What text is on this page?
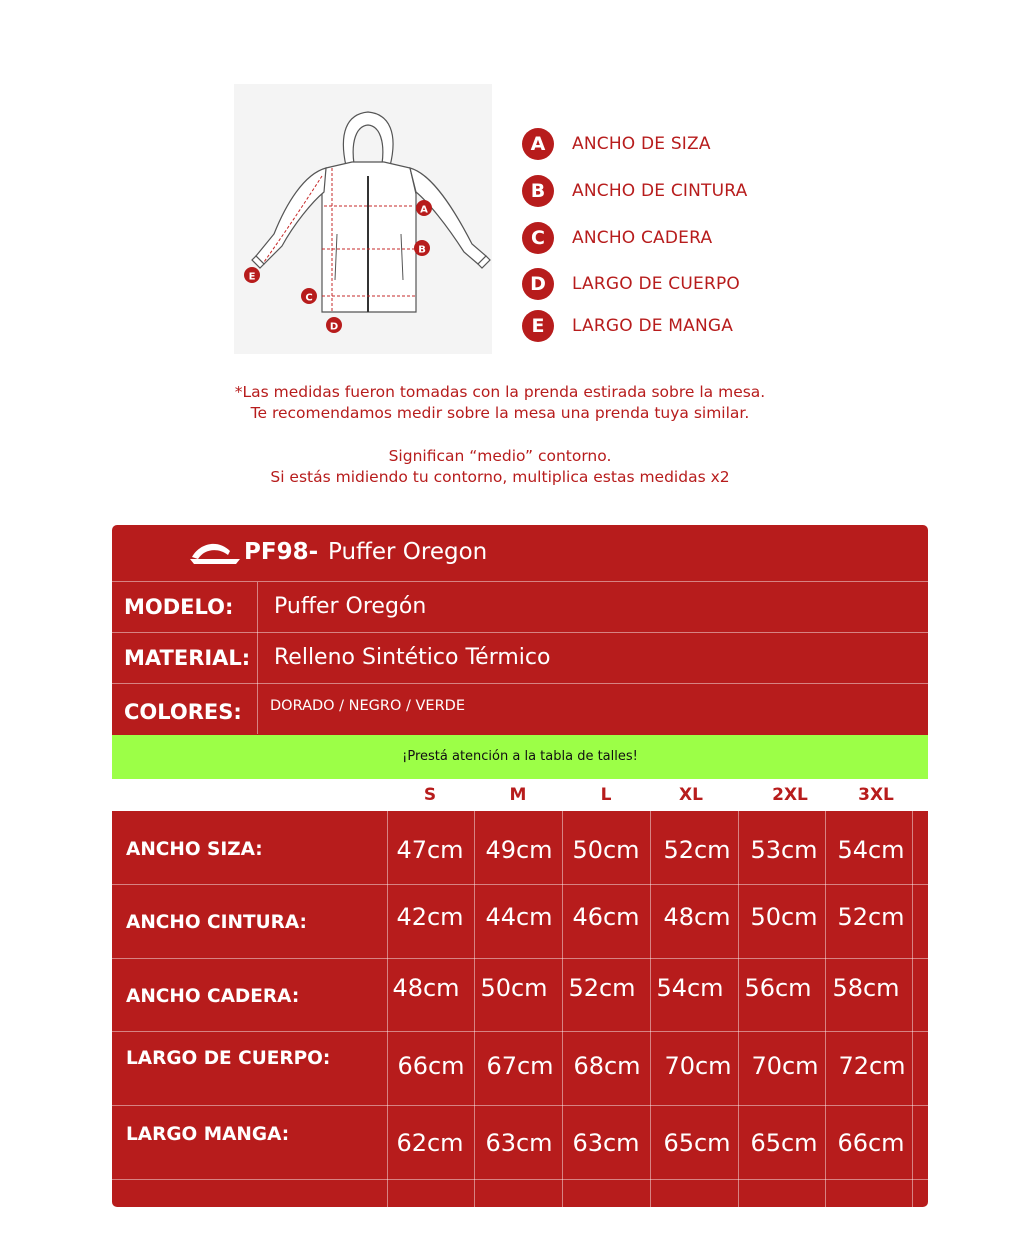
A
B
C
D
E
A	ANCHO DE SIZA
B	ANCHO DE CINTURA
C	ANCHO CADERA
D	LARGO DE CUERPO
E	LARGO DE MANGA
*Las medidas fueron tomadas con la prenda estirada sobre la mesa.
Te recomendamos medir sobre la mesa una prenda tuya similar.
Significan “medio” contorno.
Si estás midiendo tu contorno, multiplica estas medidas x2
PF98- Puffer Oregon
MODELO: Puffer Oregón
MATERIAL: Relleno Sintético Térmico
COLORES: DORADO / NEGRO / VERDE
¡Prestá atención a la tabla de talles!
S	M	L	XL	2XL	3XL
ANCHO SIZA:	47cm 49cm 50cm 52cm 53cm 54cm
ANCHO CINTURA:	42cm 44cm 46cm 48cm 50cm 52cm
ANCHO CADERA:	48cm 50cm 52cm 54cm 56cm 58cm
LARGO DE CUERPO:	66cm 67cm 68cm 70cm 70cm 72cm
LARGO MANGA:	62cm 63cm 63cm 65cm 65cm 66cm
